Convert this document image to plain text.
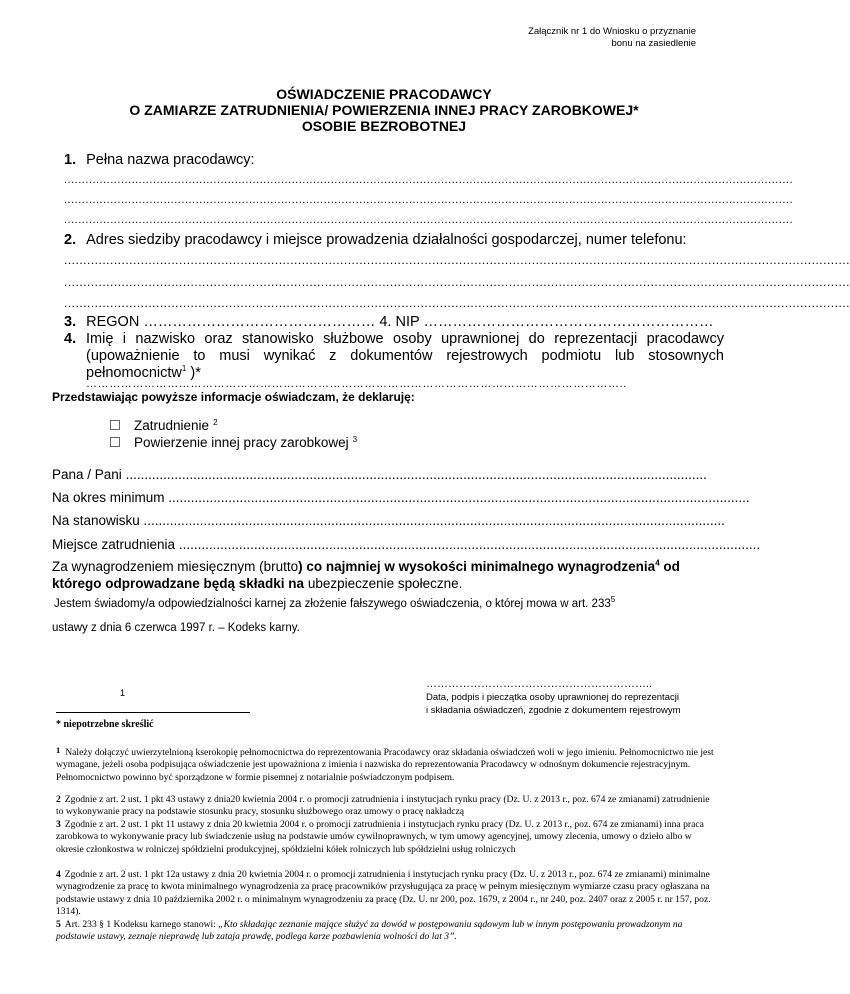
Załącznik nr 1 do Wniosku o przyznanie
bonu na zasiedlenie
OŚWIADCZENIE PRACODAWCY
O ZAMIARZE ZATRUDNIENIA/ POWIERZENIA INNEJ PRACY ZAROBKOWEJ*
OSOBIE BEZROBOTNEJ
1. Pełna nazwa pracodawcy:
.............................................................................................................................................................................................................
.............................................................................................................................................................................................................
.............................................................................................................................................................................................................
2. Adres siedziby pracodawcy i miejsce prowadzenia działalności gospodarczej, numer telefonu:
.............................................................................................................................................................................................................
.............................................................................................................................................................................................................
.............................................................................................................................................................................................................
3. REGON ………………………………………… 4. NIP ……………………………………………………
4. Imię i nazwisko oraz stanowisko służbowe osoby uprawnionej do reprezentacji pracodawcy
(upoważnienie to musi wynikać z dokumentów rejestrowych podmiotu lub stosownych
pełnomocnictw$^1$ )*
…………………………………………………………………………………………………………………………..
Przedstawiając powyższe informacje oświadczam, że deklaruję:
Zatrudnienie $^2$
Powierzenie innej pracy zarobkowej $^3$
Pana / Pani ...........................................................................................................................................................
Na okres minimum ...........................................................................................................................................................
Na stanowisku ...........................................................................................................................................................
Miejsce zatrudnienia ...........................................................................................................................................................
Za wynagrodzeniem miesięcznym (brutto) co najmniej w wysokości minimalnego wynagrodzenia$^4$ od
którego odprowadzane będą składki na ubezpieczenie społeczne.
Jestem świadomy/a odpowiedzialności karnej za złożenie fałszywego oświadczenia, o której mowa w art. $233^5$
ustawy z dnia 6 czerwca 1997 r. – Kodeks karny.
……………………………………………………..
Data, podpis i pieczątka osoby uprawnionej do reprezentacji
i składania oświadczeń, zgodnie z dokumentem rejestrowym
1
* niepotrzebne skreślić
1 Należy dołączyć uwierzytelnioną kserokopię pełnomocnictwa do reprezentowania Pracodawcy oraz składania oświadczeń woli w jego imieniu. Pełnomocnictwo nie jest wymagane, jeżeli osoba podpisująca oświadczenie jest upoważniona z imienia i nazwiska do reprezentowania Pracodawcy w odnośnym dokumencie rejestracyjnym. Pełnomocnictwo powinno być sporządzone w formie pisemnej z notarialnie poświadczonym podpisem.
2 Zgodnie z art. 2 ust. 1 pkt 43 ustawy z dnia20 kwietnia 2004 r. o promocji zatrudnienia i instytucjach rynku pracy (Dz. U. z 2013 r., poz. 674 ze zmianami) zatrudnienie to wykonywanie pracy na podstawie stosunku pracy, stosunku służbowego oraz umowy o pracę nakładczą
3 Zgodnie z art. 2 ust. 1 pkt 11 ustawy z dnia 20 kwietnia 2004 r. o promocji zatrudnienia i instytucjach rynku pracy (Dz. U. z 2013 r., poz. 674 ze zmianami) inna praca zarobkowa to wykonywanie pracy lub świadczenie usług na podstawie umów cywilnoprawnych, w tym umowy agencyjnej, umowy zlecenia, umowy o dzieło albo w okresie członkostwa w rolniczej spółdzielni produkcyjnej, spółdzielni kółek rolniczych lub spółdzielni usług rolniczych
4 Zgodnie z art. 2 ust. 1 pkt 12a ustawy z dnia 20 kwietnia 2004 r. o promocji zatrudnienia i instytucjach rynku pracy (Dz. U. z 2013 r., poz. 674 ze zmianami) minimalne wynagrodzenie za pracę to kwota minimalnego wynagrodzenia za pracę pracowników przysługująca za pracę w pełnym miesięcznym wymiarze czasu pracy ogłaszana na podstawie ustawy z dnia 10 października 2002 r. o minimalnym wynagrodzeniu za pracę (Dz. U. nr 200, poz. 1679, z 2004 r., nr 240, poz. 2407 oraz z 2005 r. nr 157, poz. 1314).
5 Art. 233 § 1 Kodeksu karnego stanowi: „Kto składając zeznanie mające służyć za dowód w postępowaniu sądowym lub w innym postępowaniu prowadzonym na podstawie ustawy, zeznaje nieprawdę lub zataja prawdę, podlega karze pozbawienia wolności do lat 3”.
